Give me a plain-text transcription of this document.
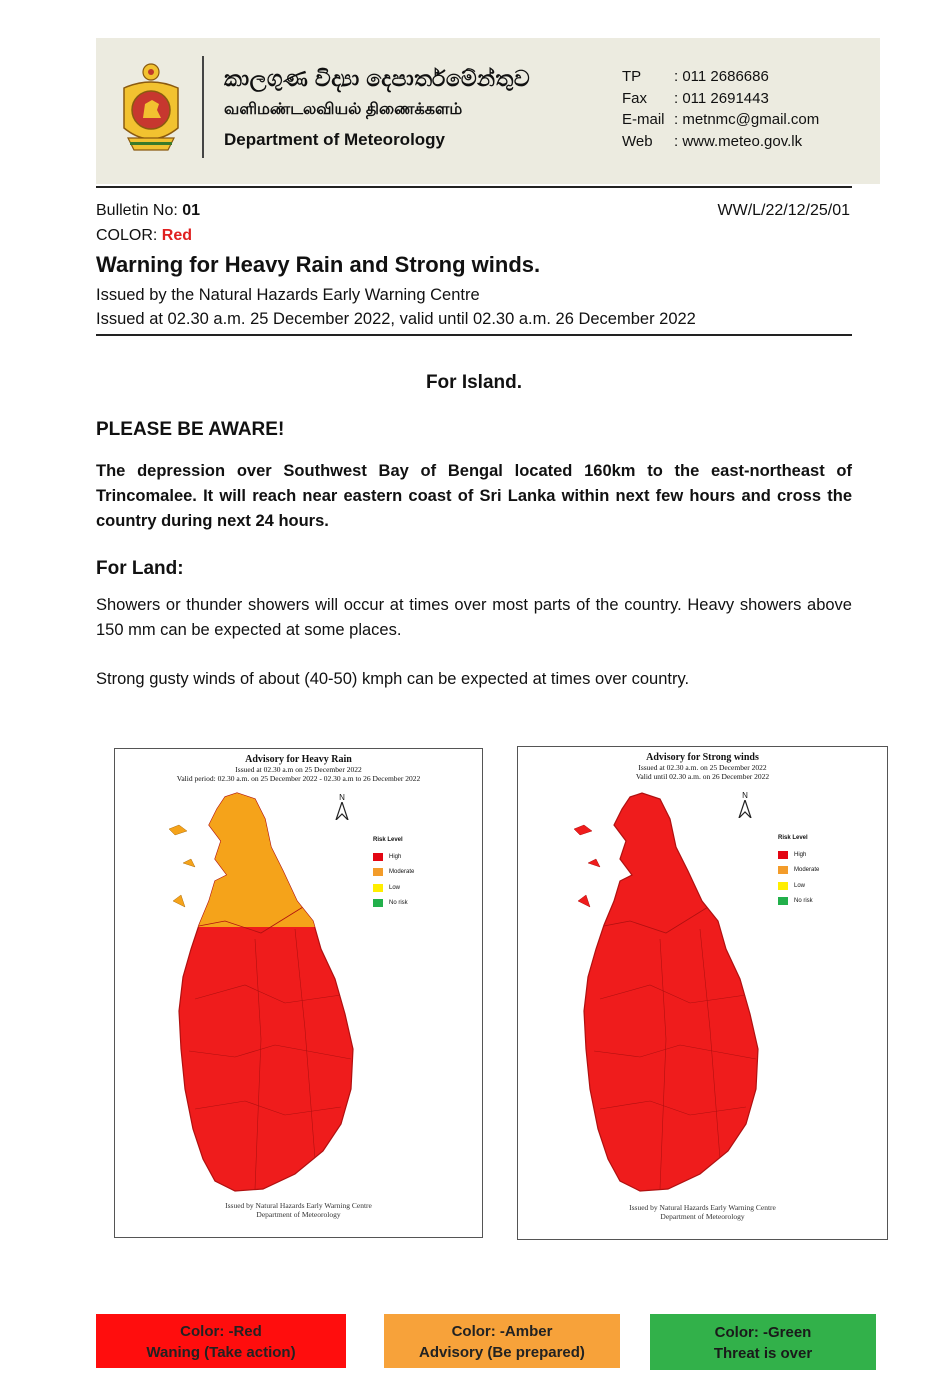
කාලගුණ විද්‍යා දෙපාර්තමේන්තුව
வளிமண்டலவியல் திணைக்களம்
Department of Meteorology
TP : 011 2686686
Fax : 011 2691443
E-mail : metnmc@gmail.com
Web : www.meteo.gov.lk
Bulletin No: 01	WW/L/22/12/25/01
COLOR: Red
Warning for Heavy Rain and Strong winds.
Issued by the Natural Hazards Early Warning Centre
Issued at 02.30 a.m. 25 December 2022, valid until 02.30 a.m. 26 December 2022
For Island.
PLEASE BE AWARE!
The depression over Southwest Bay of Bengal located 160km to the east-northeast of Trincomalee. It will reach near eastern coast of Sri Lanka within next few hours and cross the country during next 24 hours.
For Land:
Showers or thunder showers will occur at times over most parts of the country. Heavy showers above 150 mm can be expected at some places.
Strong gusty winds of about (40-50) kmph can be expected at times over country.
Advisory for Heavy Rain
Issued at 02.30 a.m on 25 December 2022
Valid period: 02.30 a.m. on 25 December 2022 - 02.30 a.m to 26 December 2022
N
Risk Level
High
Moderate
Low
No risk
Issued by Natural Hazards Early Warning Centre
Department of Meteorology
Advisory for Strong winds
Issued at 02.30 a.m. on 25 December 2022
Valid until 02.30 a.m. on 26 December 2022
N
Risk Level
High
Moderate
Low
No risk
Issued by Natural Hazards Early Warning Centre
Department of Meteorology
Color: -Red
Waning (Take action)
Color: -Amber
Advisory (Be prepared)
Color: -Green
Threat is over
